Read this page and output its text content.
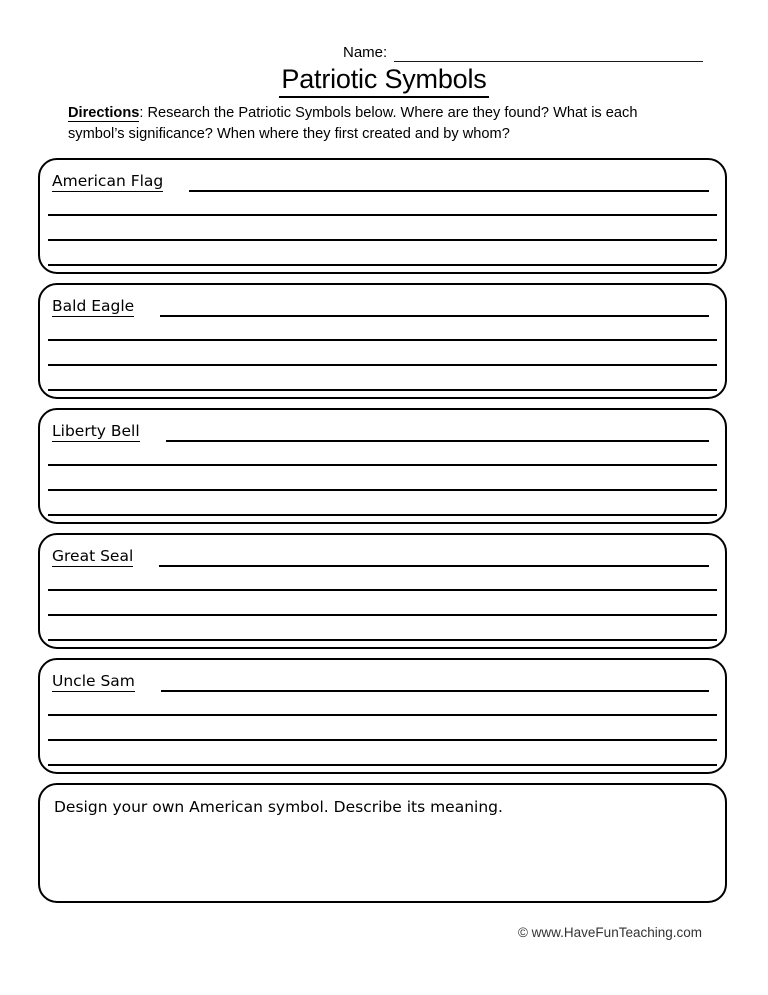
Name:
Patriotic Symbols
Directions: Research the Patriotic Symbols below. Where are they found? What is each symbol’s significance? When where they first created and by whom?
American Flag
Bald Eagle
Liberty Bell
Great Seal
Uncle Sam
Design your own American symbol. Describe its meaning.
© www.HaveFunTeaching.com
